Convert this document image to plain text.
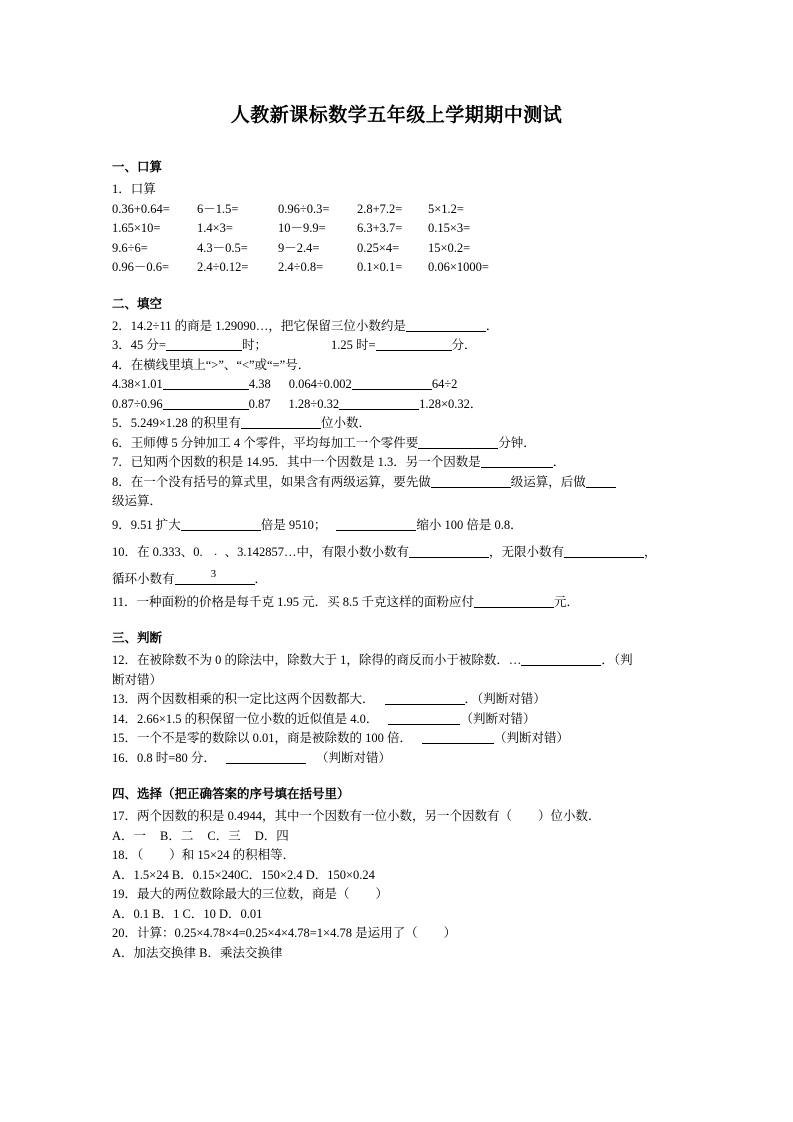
人教新课标数学五年级上学期期中测试
一、口算
1．口算
0.36+0.64= 6－1.5=	0.96÷0.3= 2.8+7.2= 5×1.2=
1.65×10=	1.4×3=	10－9.9=	6.3+3.7= 0.15×3=
9.6÷6=	4.3－0.5= 9－2.4=	0.25×4= 15×0.2=
0.96－0.6= 2.4÷0.12= 2.4÷0.8=	0.1×0.1= 0.06×1000=
二、填空
2．14.2÷11 的商是 1.29090…，把它保留三位小数约是	．
3．45 分=	时；	1.25 时=	分．
4．在横线里填上“>”、“<”或“=”号．
4.38×1.01	4.38 0.064÷0.002	64÷2
0.87÷0.96	0.87 1.28÷0.32	1.28×0.32．
5．5.249×1.28 的积里有	位小数．
6．王师傅 5 分钟加工 4 个零件，平均每加工一个零件要	分钟．
7．已知两个因数的积是 14.95．其中一个因数是 1.3．另一个因数是	．
8．在一个没有括号的算式里，如果含有两级运算，要先做	级运算，后做
级运算．
9．9.51 扩大	倍是 9510；	缩小 100 倍是 0.8．
10．在 0.333、0. ·
3
、3.142857…中，有限小数小数有	，无限小数有	，
循环小数有	．
11．一种面粉的价格是每千克 1.95 元．买 8.5 千克这样的面粉应付	元．
三、判断
12．在被除数不为 0 的除法中，除数大于 1，除得的商反而小于被除数．…	．（判
断对错）
13．两个因数相乘的积一定比这两个因数都大．	．（判断对错）
14．2.66×1.5 的积保留一位小数的近似值是 4.0．	（判断对错）
15．一个不是零的数除以 0.01，商是被除数的 100 倍．	（判断对错）
16．0.8 时=80 分．	（判断对错）
四、选择（把正确答案的序号填在括号里）
17．两个因数的积是 0.4944，其中一个因数有一位小数，另一个因数有（ ）位小数．
A．一 B．二 C．三 D．四
18．（ ）和 15×24 的积相等．
A．1.5×24 B．0.15×240C．150×2.4 D．150×0.24
19．最大的两位数除最大的三位数，商是（ ）
A．0.1 B．1 C．10 D．0.01
20．计算：0.25×4.78×4=0.25×4×4.78=1×4.78 是运用了（ ）
A．加法交换律 B．乘法交换律
